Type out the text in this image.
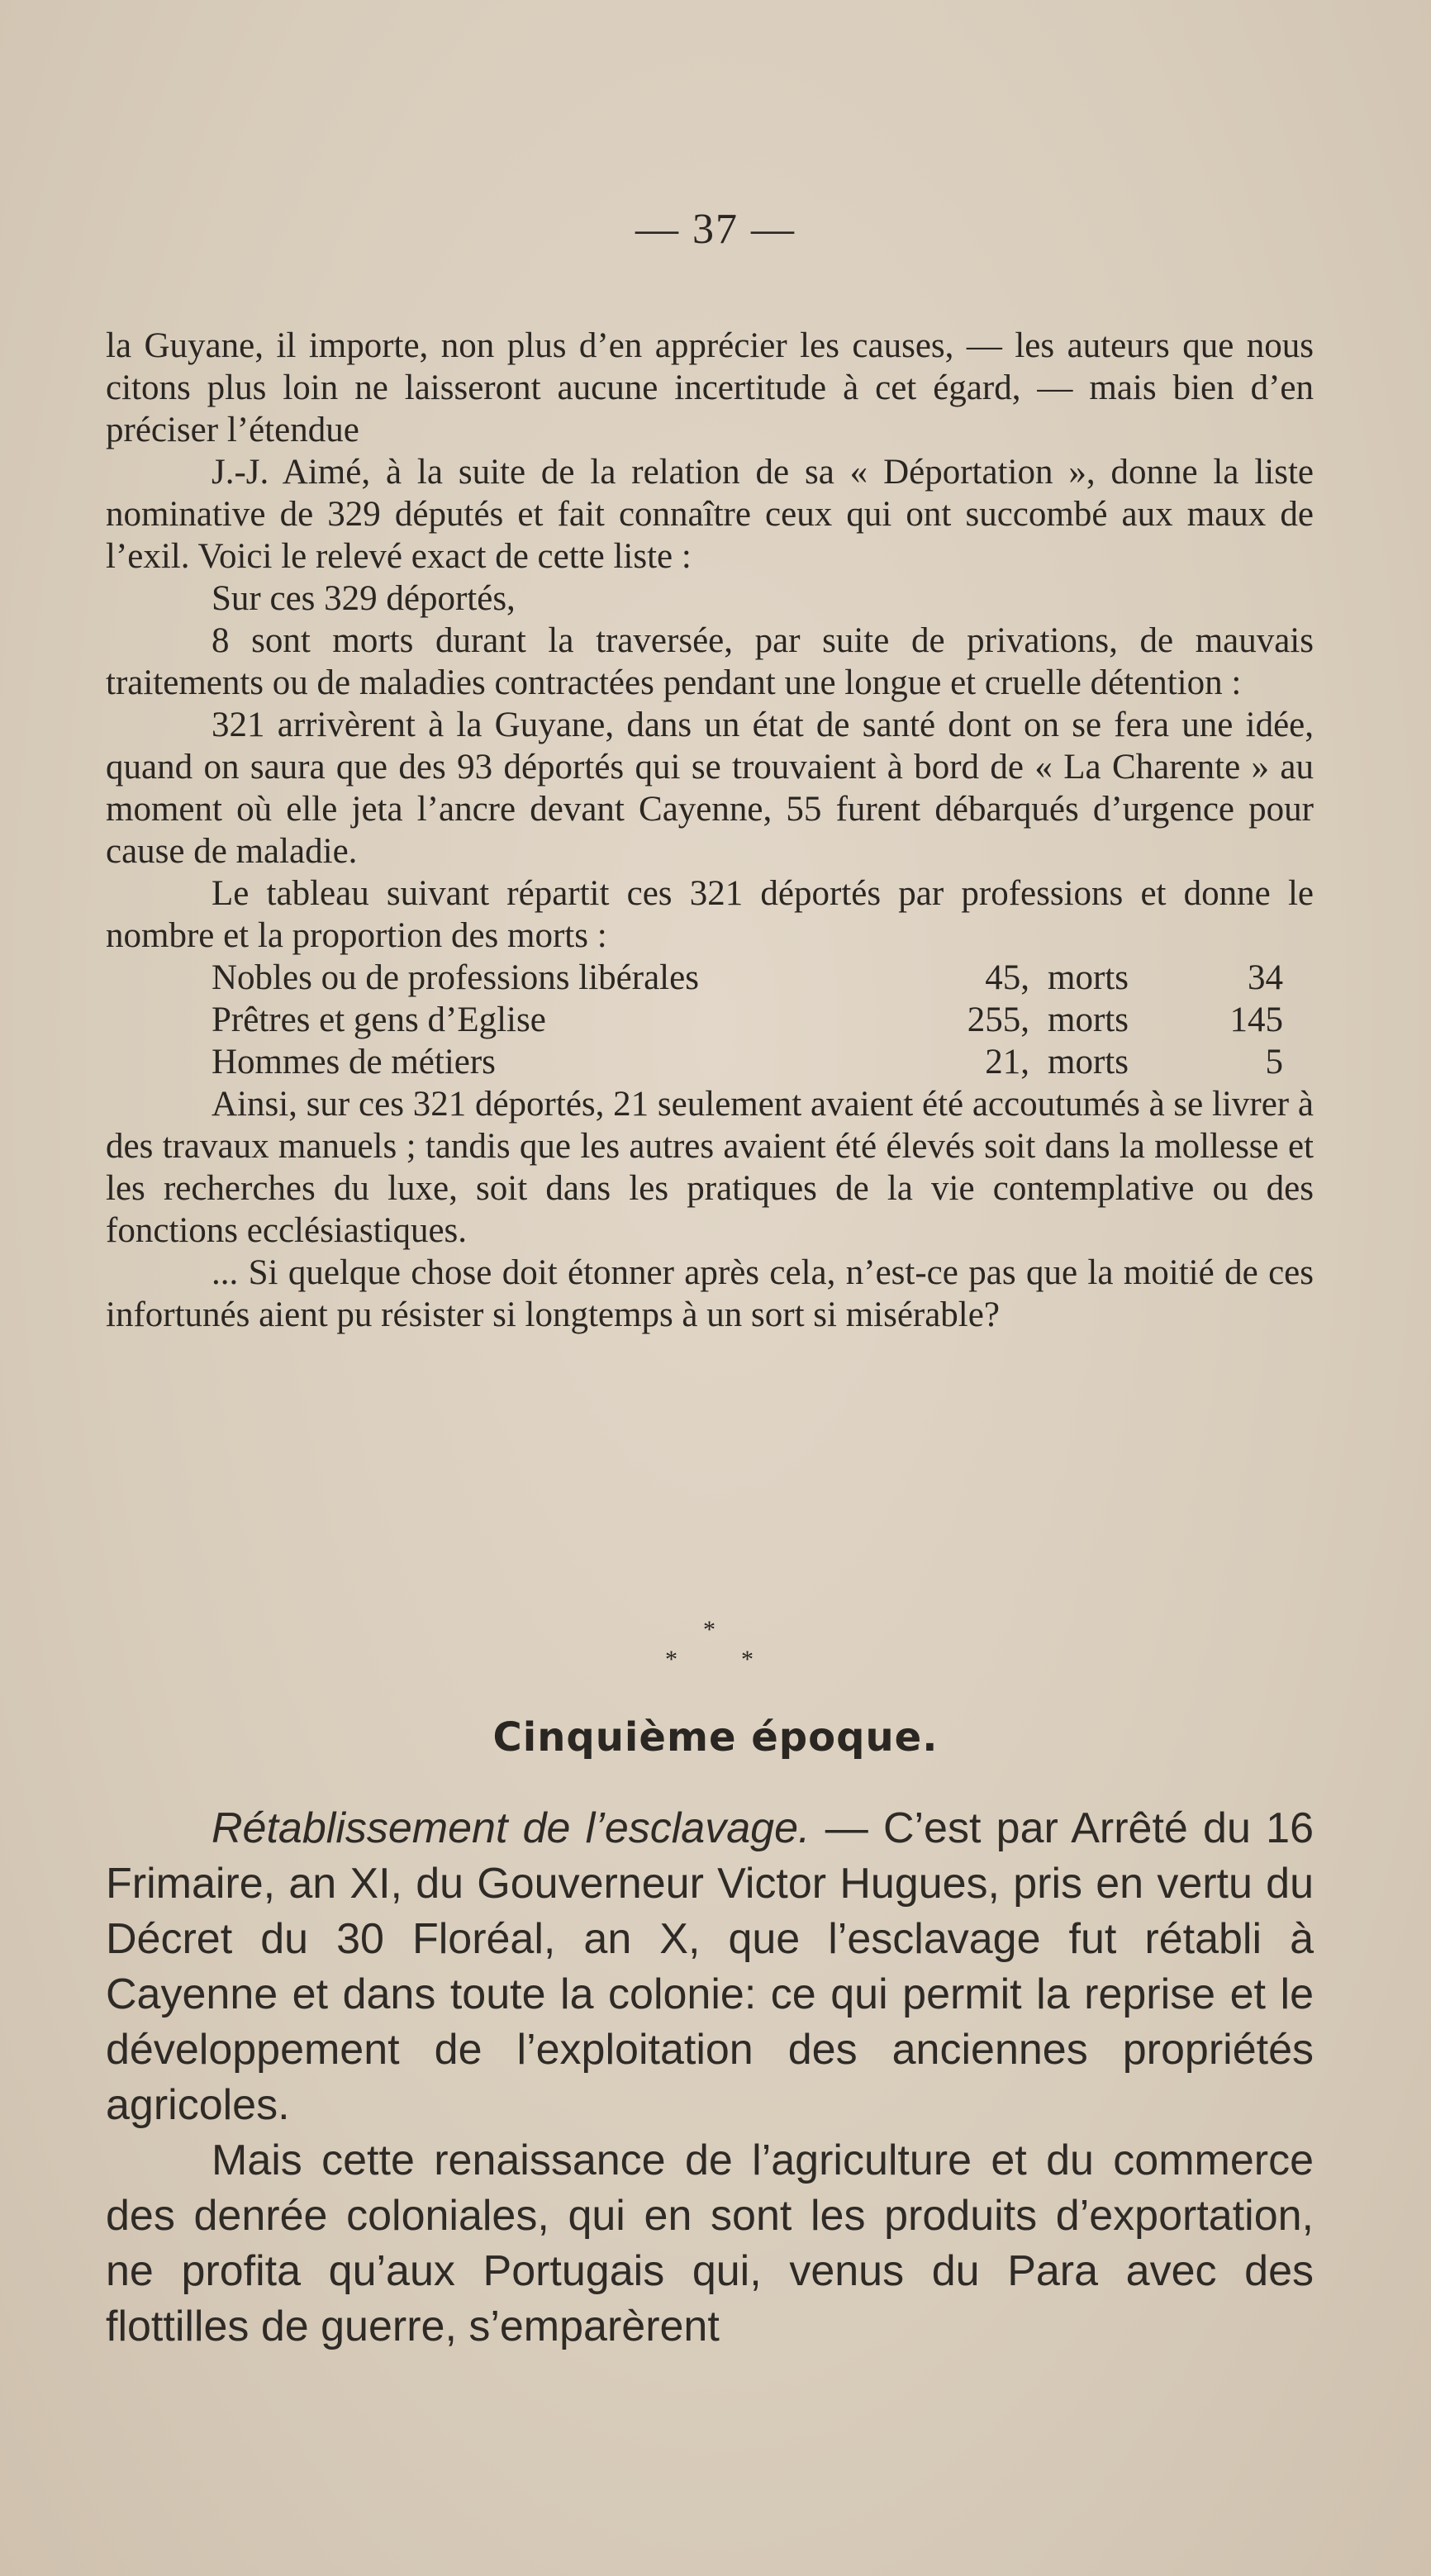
— 37 —

la Guyane, il importe, non plus d’en apprécier les causes, — les auteurs que nous citons plus loin ne laisseront aucune incertitude à cet égard, — mais bien d’en préciser l’étendue

J.-J. Aimé, à la suite de la relation de sa « Déportation », donne la liste nominative de 329 députés et fait connaître ceux qui ont succombé aux maux de l’exil. Voici le relevé exact de cette liste :

Sur ces 329 déportés,

8 sont morts durant la traversée, par suite de privations, de mauvais traitements ou de maladies contractées pendant une longue et cruelle détention :

321 arrivèrent à la Guyane, dans un état de santé dont on se fera une idée, quand on saura que des 93 déportés qui se trouvaient à bord de « La Charente » au moment où elle jeta l’ancre devant Cayenne, 55 furent débarqués d’urgence pour cause de maladie.

Le tableau suivant répartit ces 321 déportés par professions et donne le nombre et la proportion des morts :

Nobles ou de professions libérales	45, morts	34
Prêtres et gens d’Eglise	255, morts	145
Hommes de métiers	21, morts	5

Ainsi, sur ces 321 déportés, 21 seulement avaient été accoutumés à se livrer à des travaux manuels ; tandis que les autres avaient été élevés soit dans la mollesse et les recherches du luxe, soit dans les pratiques de la vie contemplative ou des fonctions ecclésiastiques.

... Si quelque chose doit étonner après cela, n’est-ce pas que la moitié de ces infortunés aient pu résister si longtemps à un sort si misérable?

*
*	*
Cinquième époque.

Rétablissement de l’esclavage. — C’est par Arrêté du 16 Frimaire, an XI, du Gouverneur Victor Hugues, pris en vertu du Décret du 30 Floréal, an X, que l’esclavage fut rétabli à Cayenne et dans toute la colonie: ce qui permit la reprise et le développement de l’exploitation des anciennes propriétés agricoles.

Mais cette renaissance de l’agriculture et du commerce des denrée coloniales, qui en sont les produits d’exportation, ne profita qu’aux Portugais qui, venus du Para avec des flottilles de guerre, s’emparèrent
